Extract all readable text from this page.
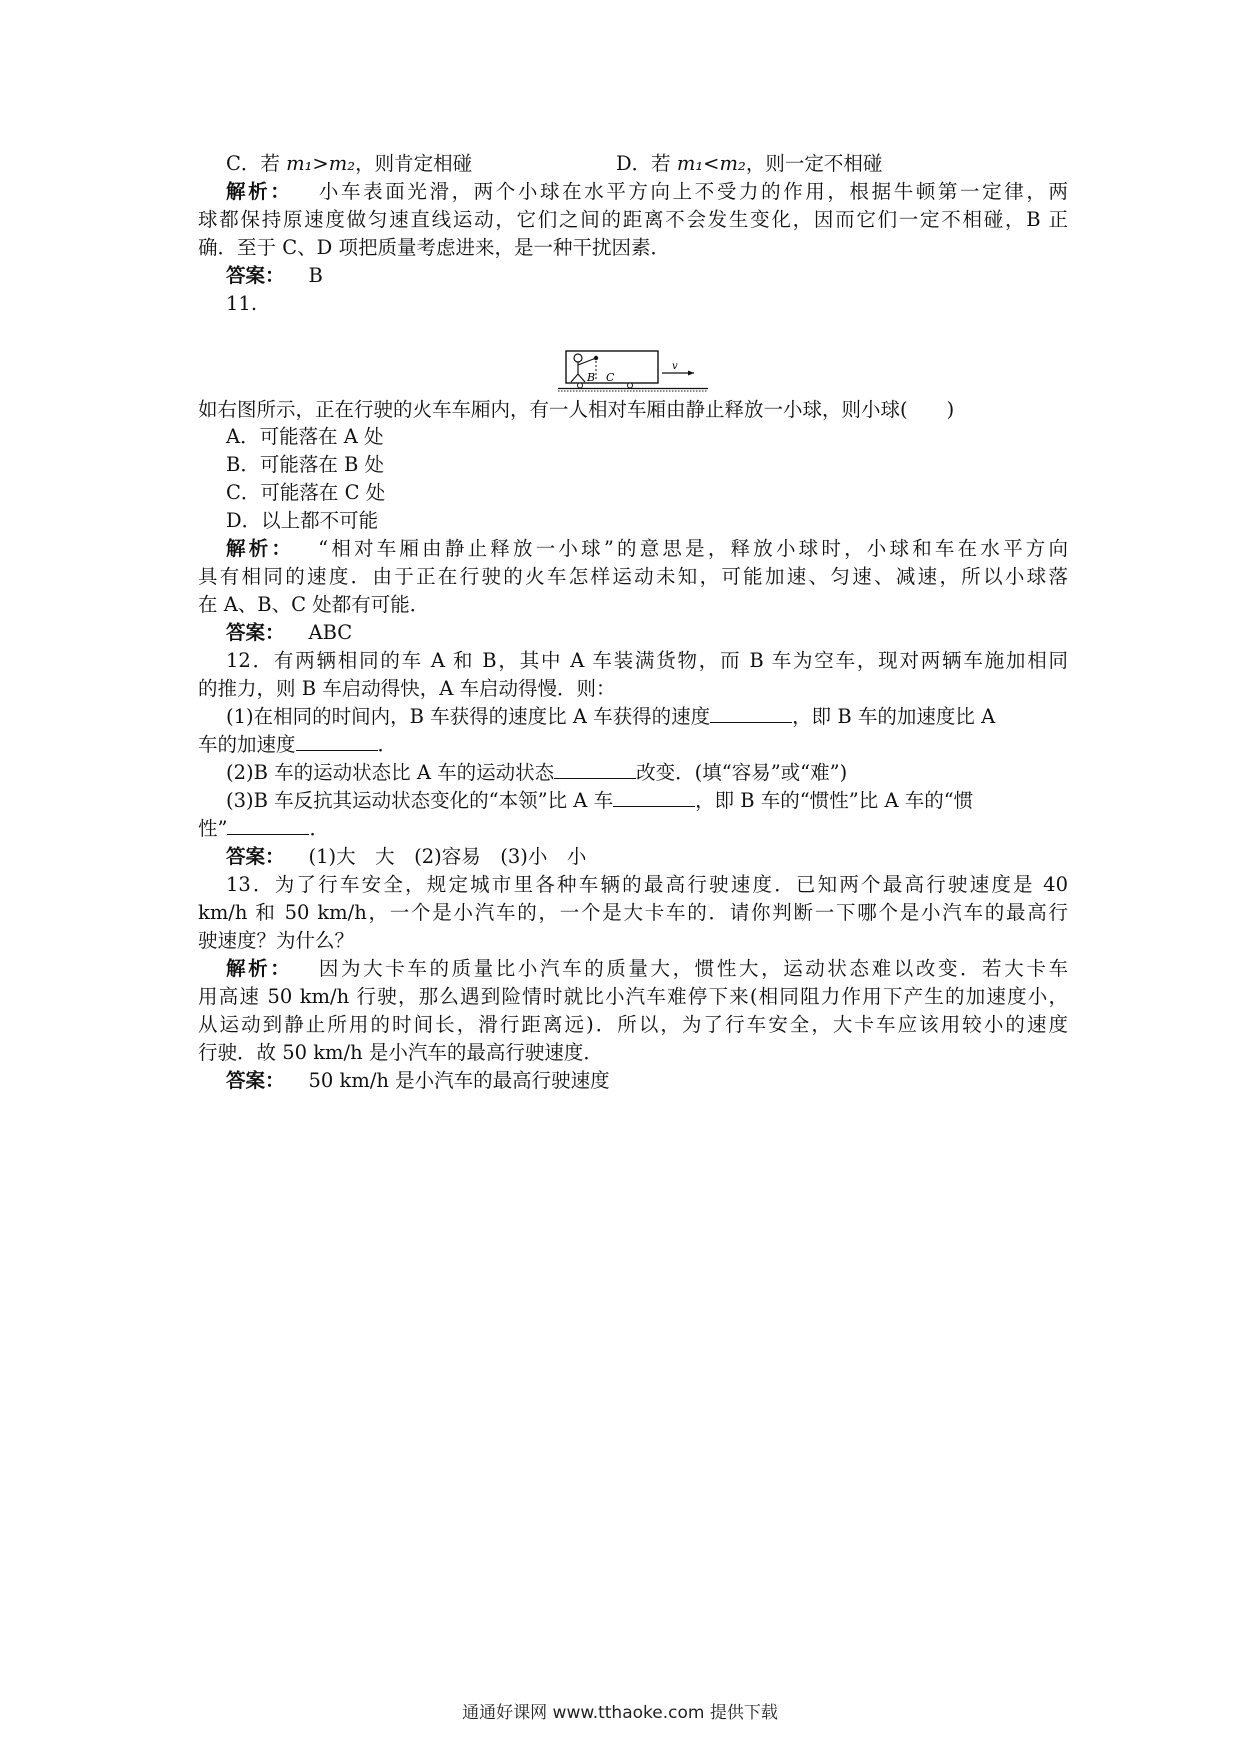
C．若 m₁>m₂，则肯定相碰	D．若 m₁<m₂，则一定不相碰
解析： 小车表面光滑，两个小球在水平方向上不受力的作用，根据牛顿第一定律，两
球都保持原速度做匀速直线运动，它们之间的距离不会发生变化，因而它们一定不相碰，B 正
确．至于 C、D 项把质量考虑进来，是一种干扰因素．
答案： B
11.
B C
v
如右图所示，正在行驶的火车车厢内，有一人相对车厢由静止释放一小球，则小球(　　)
A．可能落在 A 处
B．可能落在 B 处
C．可能落在 C 处
D．以上都不可能
解析： “相对车厢由静止释放一小球”的意思是，释放小球时，小球和车在水平方向
具有相同的速度．由于正在行驶的火车怎样运动未知，可能加速、匀速、减速，所以小球落
在 A、B、C 处都有可能．
答案： ABC
12．有两辆相同的车 A 和 B，其中 A 车装满货物，而 B 车为空车，现对两辆车施加相同
的推力，则 B 车启动得快，A 车启动得慢．则：
(1)在相同的时间内，B 车获得的速度比 A 车获得的速度	，即 B 车的加速度比 A
车的加速度	．
(2)B 车的运动状态比 A 车的运动状态	改变．(填“容易”或“难”)
(3)B 车反抗其运动状态变化的“本领”比 A 车	，即 B 车的“惯性”比 A 车的“惯
性”	．
答案： (1)大　大　(2)容易　(3)小　小
13．为了行车安全，规定城市里各种车辆的最高行驶速度．已知两个最高行驶速度是 40
km/h 和 50 km/h，一个是小汽车的，一个是大卡车的．请你判断一下哪个是小汽车的最高行
驶速度？为什么？
解析： 因为大卡车的质量比小汽车的质量大，惯性大，运动状态难以改变．若大卡车
用高速 50 km/h 行驶，那么遇到险情时就比小汽车难停下来(相同阻力作用下产生的加速度小，
从运动到静止所用的时间长，滑行距离远)．所以，为了行车安全，大卡车应该用较小的速度
行驶．故 50 km/h 是小汽车的最高行驶速度．
答案： 50 km/h 是小汽车的最高行驶速度
通通好课网 www.tthaoke.com 提供下载
